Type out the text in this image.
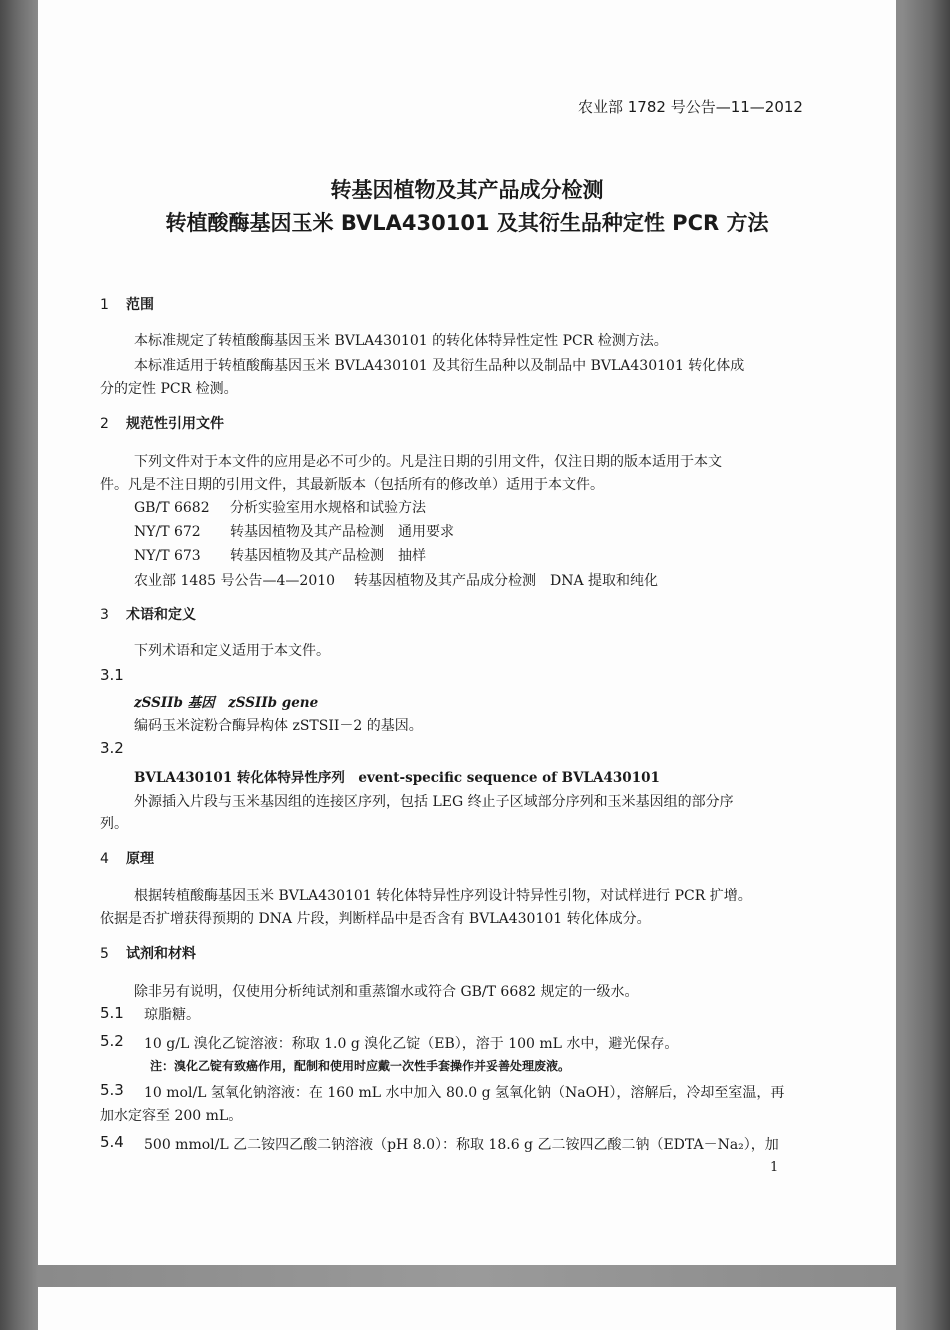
农业部 1782 号公告—11—2012
转基因植物及其产品成分检测
转植酸酶基因玉米 BVLA430101 及其衍生品种定性 PCR 方法
1 范围
本标准规定了转植酸酶基因玉米 BVLA430101 的转化体特异性定性 PCR 检测方法。
本标准适用于转植酸酶基因玉米 BVLA430101 及其衍生品种以及制品中 BVLA430101 转化体成
分的定性 PCR 检测。
2 规范性引用文件
下列文件对于本文件的应用是必不可少的。凡是注日期的引用文件，仅注日期的版本适用于本文
件。凡是不注日期的引用文件，其最新版本（包括所有的修改单）适用于本文件。
GB/T 6682 分析实验室用水规格和试验方法
NY/T 672 转基因植物及其产品检测　通用要求
NY/T 673 转基因植物及其产品检测　抽样
农业部 1485 号公告—4—2010 转基因植物及其产品成分检测　DNA 提取和纯化
3 术语和定义
下列术语和定义适用于本文件。
3.1
zSSIIb 基因　zSSIIb gene
编码玉米淀粉合酶异构体 zSTSII－2 的基因。
3.2
BVLA430101 转化体特异性序列　event-specific sequence of BVLA430101
外源插入片段与玉米基因组的连接区序列，包括 LEG 终止子区域部分序列和玉米基因组的部分序
列。
4 原理
根据转植酸酶基因玉米 BVLA430101 转化体特异性序列设计特异性引物，对试样进行 PCR 扩增。
依据是否扩增获得预期的 DNA 片段，判断样品中是否含有 BVLA430101 转化体成分。
5 试剂和材料
除非另有说明，仅使用分析纯试剂和重蒸馏水或符合 GB/T 6682 规定的一级水。
5.1 琼脂糖。
5.2 10 g/L 溴化乙锭溶液：称取 1.0 g 溴化乙锭（EB），溶于 100 mL 水中，避光保存。
注：溴化乙锭有致癌作用，配制和使用时应戴一次性手套操作并妥善处理废液。
5.3 10 mol/L 氢氧化钠溶液：在 160 mL 水中加入 80.0 g 氢氧化钠（NaOH），溶解后，冷却至室温，再
加水定容至 200 mL。
5.4 500 mmol/L 乙二铵四乙酸二钠溶液（pH 8.0）：称取 18.6 g 乙二铵四乙酸二钠（EDTA－Na₂），加
1
